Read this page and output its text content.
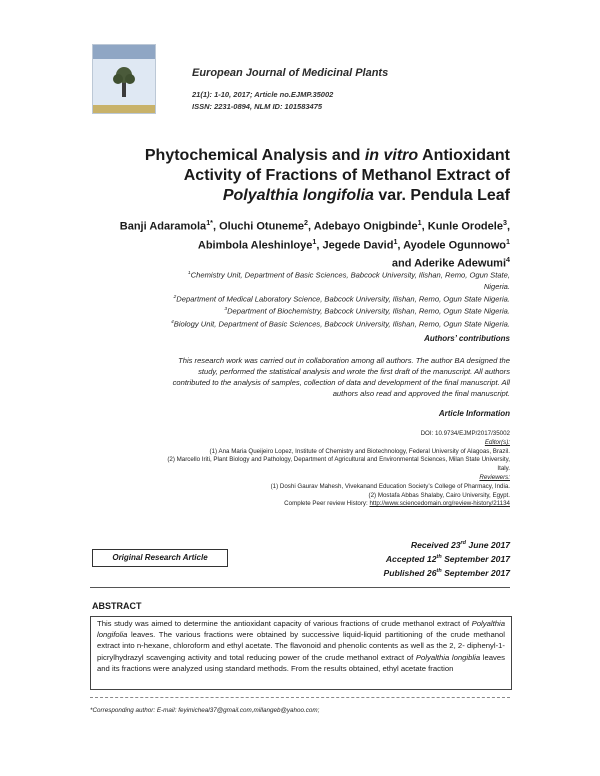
European Journal of Medicinal Plants
21(1): 1-10, 2017; Article no.EJMP.35002
ISSN: 2231-0894, NLM ID: 101583475
Phytochemical Analysis and in vitro Antioxidant
Activity of Fractions of Methanol Extract of
Polyalthia longifolia var. Pendula Leaf
Banji Adaramola$^{1*}$, Oluchi Otuneme$^2$, Adebayo Onigbinde$^1$, Kunle Orodele$^3$,
Abimbola Aleshinloye$^1$, Jegede David$^1$, Ayodele Ogunnowo$^1$
and Aderike Adewumi$^4$
$^1$Chemistry Unit, Department of Basic Sciences, Babcock University, Ilishan, Remo, Ogun State,
Nigeria.
$^2$Department of Medical Laboratory Science, Babcock University, Ilishan, Remo, Ogun State Nigeria.
$^3$Department of Biochemistry, Babcock University, Ilishan, Remo, Ogun State Nigeria.
$^4$Biology Unit, Department of Basic Sciences, Babcock University, Ilishan, Remo, Ogun State Nigeria.
Authors’ contributions
This research work was carried out in collaboration among all authors. The author BA designed the
study, performed the statistical analysis and wrote the first draft of the manuscript. All authors
contributed to the analysis of samples, collection of data and development of the final manuscript. All
authors also read and approved the final manuscript.
Article Information
DOI: 10.9734/EJMP/2017/35002
Editor(s):
(1) Ana Maria Queijeiro Lopez, Institute of Chemistry and Biotechnology, Federal University of Alagoas, Brazil.
(2) Marcello Iriti, Plant Biology and Pathology, Department of Agricultural and Environmental Sciences, Milan State University,
Italy.
Reviewers:
(1) Doshi Gaurav Mahesh, Vivekanand Education Society’s College of Pharmacy, India.
(2) Mostafa Abbas Shalaby, Cairo University, Egypt.
Complete Peer review History: http://www.sciencedomain.org/review-history/21134
Original Research Article
Received 23rd June 2017
Accepted 12th September 2017
Published 26th September 2017
ABSTRACT
This study was aimed to determine the antioxidant capacity of various fractions of crude methanol extract of Polyalthia longifolia leaves. The various fractions were obtained by successive liquid-liquid partitioning of the crude methanol extract into n-hexane, chloroform and ethyl acetate. The flavonoid and phenolic contents as well as the 2, 2- diphenyl-1- picrylhydrazyl scavenging activity and total reducing power of the crude methanol extract of Polyalthia longiblia leaves and its fractions were analyzed using standard methods. From the results obtained, ethyl acetate fraction
*Corresponding author: E-mail: feyimicheal37@gmail.com,millangeb@yahoo.com;
